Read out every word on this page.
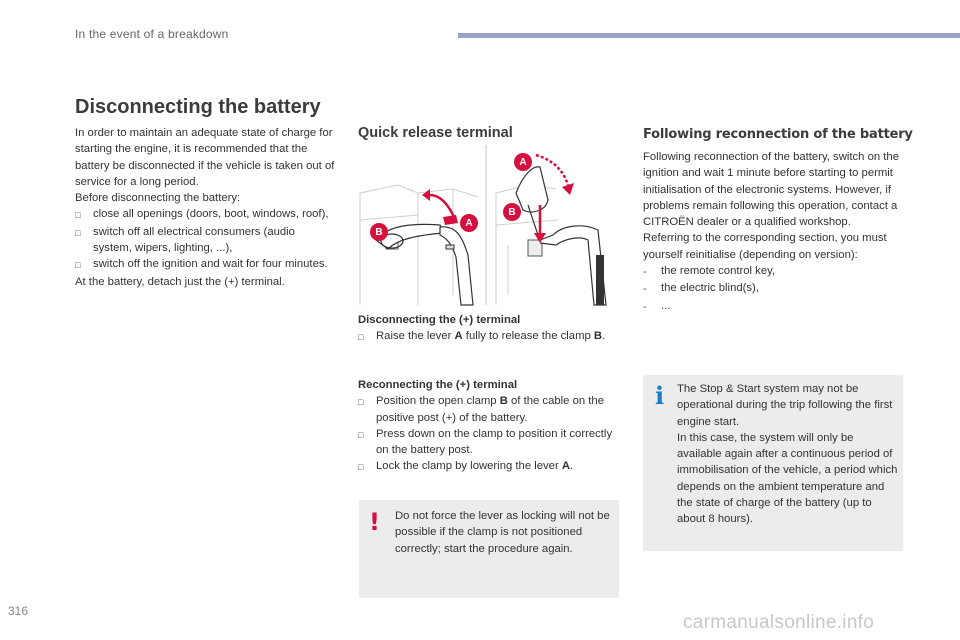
In the event of a breakdown
Disconnecting the battery

In order to maintain an adequate state of charge for starting the engine, it is recommended that the battery be disconnected if the vehicle is taken out of service for a long period.

Before disconnecting the battery:

□	close all openings (doors, boot, windows, roof),
□	switch off all electrical consumers (audio system, wipers, lighting, ...),
□	switch off the ignition and wait for four minutes.

At the battery, detach just the (+) terminal.

Quick release terminal
A
B
A
B

Disconnecting the (+) terminal

□	Raise the lever A fully to release the clamp B.

Reconnecting the (+) terminal

□	Position the open clamp B of the cable on the positive post (+) of the battery.
□	Press down on the clamp to position it correctly on the battery post.
□	Lock the clamp by lowering the lever A.
! Do not force the lever as locking will not be possible if the clamp is not positioned correctly; start the procedure again.
Following reconnection of the battery

Following reconnection of the battery, switch on the ignition and wait 1 minute before starting to permit initialisation of the electronic systems. However, if problems remain following this operation, contact a CITROËN dealer or a qualified workshop.

Referring to the corresponding section, you must yourself reinitialise (depending on version):

-	the remote control key,
-	the electric blind(s),
-	...
i The Stop & Start system may not be operational during the trip following the first engine start.

In this case, the system will only be available again after a continuous period of immobilisation of the vehicle, a period which depends on the ambient temperature and the state of charge of the battery (up to about 8 hours).

316
carmanualsonline.info
